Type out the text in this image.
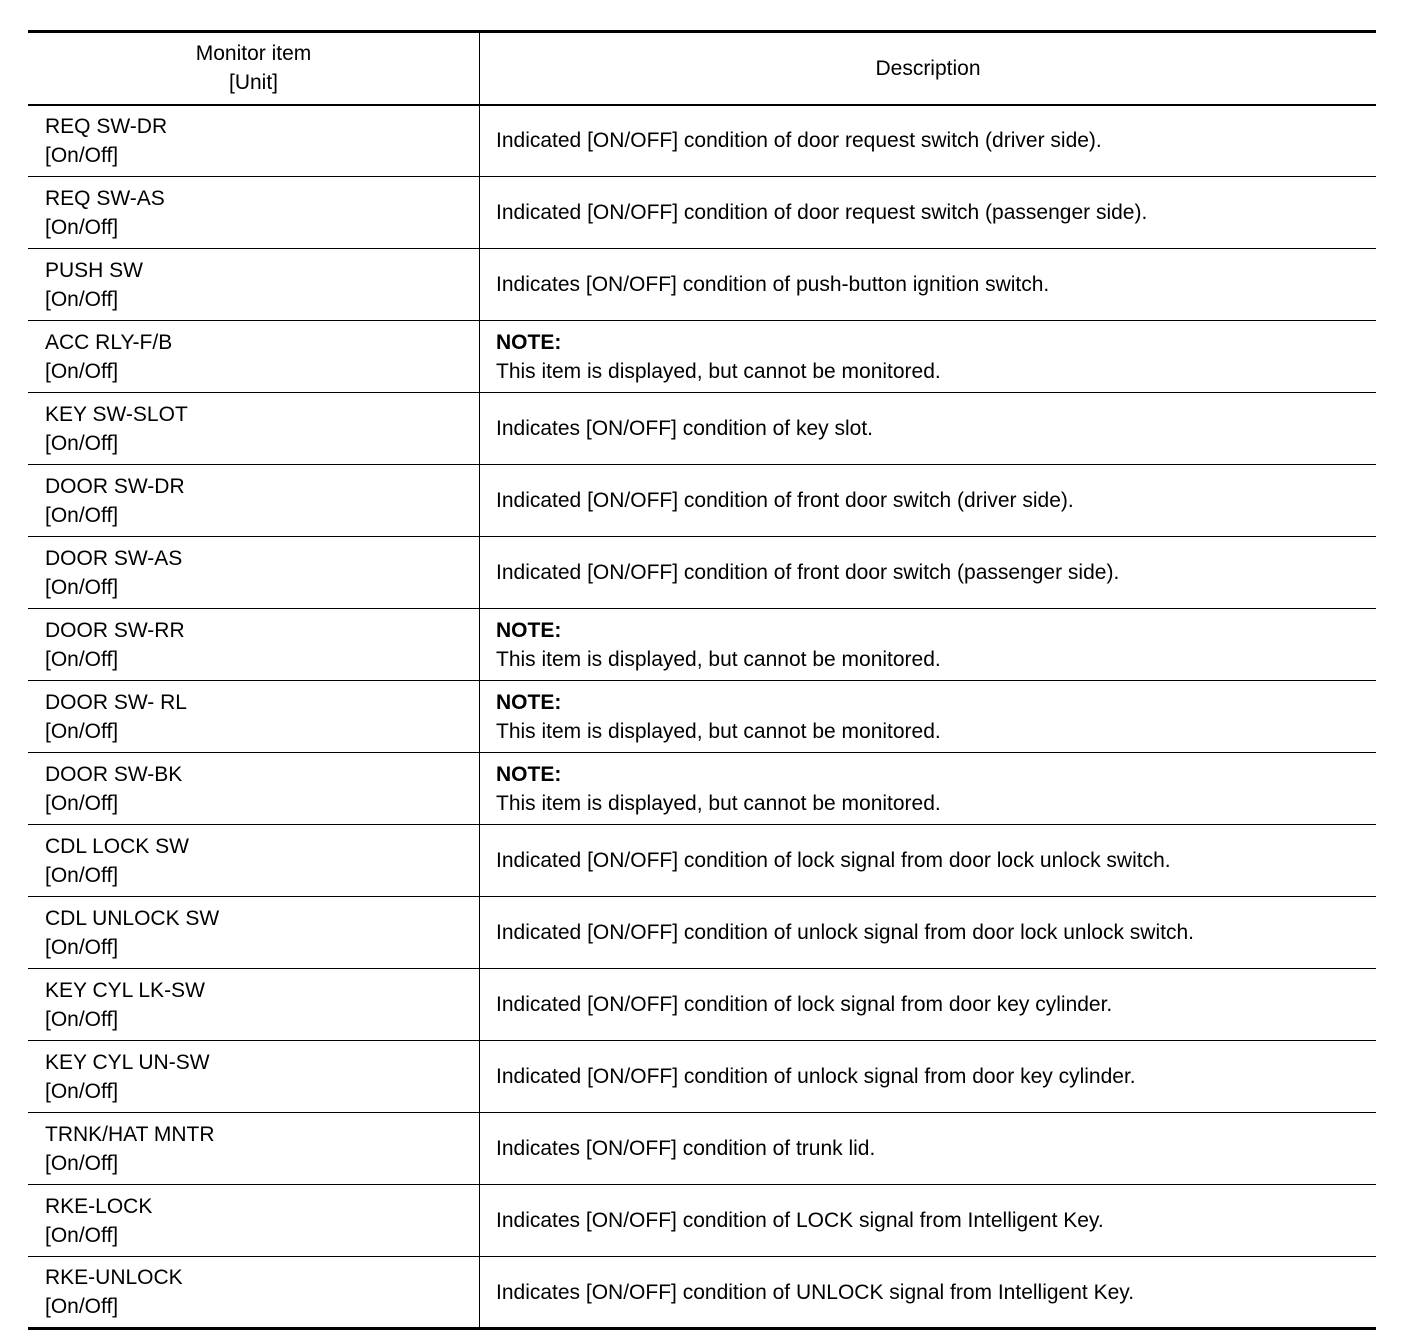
Monitor item
[Unit]	Description

REQ SW-DR
[On/Off]	Indicated [ON/OFF] condition of door request switch (driver side).

REQ SW-AS
[On/Off]	Indicated [ON/OFF] condition of door request switch (passenger side).

PUSH SW
[On/Off]	Indicates [ON/OFF] condition of push-button ignition switch.

ACC RLY-F/B
[On/Off]	NOTE:
This item is displayed, but cannot be monitored.

KEY SW-SLOT
[On/Off]	Indicates [ON/OFF] condition of key slot.

DOOR SW-DR
[On/Off]	Indicated [ON/OFF] condition of front door switch (driver side).

DOOR SW-AS
[On/Off]	Indicated [ON/OFF] condition of front door switch (passenger side).

DOOR SW-RR
[On/Off]	NOTE:
This item is displayed, but cannot be monitored.

DOOR SW- RL
[On/Off]	NOTE:
This item is displayed, but cannot be monitored.

DOOR SW-BK
[On/Off]	NOTE:
This item is displayed, but cannot be monitored.

CDL LOCK SW
[On/Off]	Indicated [ON/OFF] condition of lock signal from door lock unlock switch.

CDL UNLOCK SW
[On/Off]	Indicated [ON/OFF] condition of unlock signal from door lock unlock switch.

KEY CYL LK-SW
[On/Off]	Indicated [ON/OFF] condition of lock signal from door key cylinder.

KEY CYL UN-SW
[On/Off]	Indicated [ON/OFF] condition of unlock signal from door key cylinder.

TRNK/HAT MNTR
[On/Off]	Indicates [ON/OFF] condition of trunk lid.

RKE-LOCK
[On/Off]	Indicates [ON/OFF] condition of LOCK signal from Intelligent Key.

RKE-UNLOCK
[On/Off]	Indicates [ON/OFF] condition of UNLOCK signal from Intelligent Key.
